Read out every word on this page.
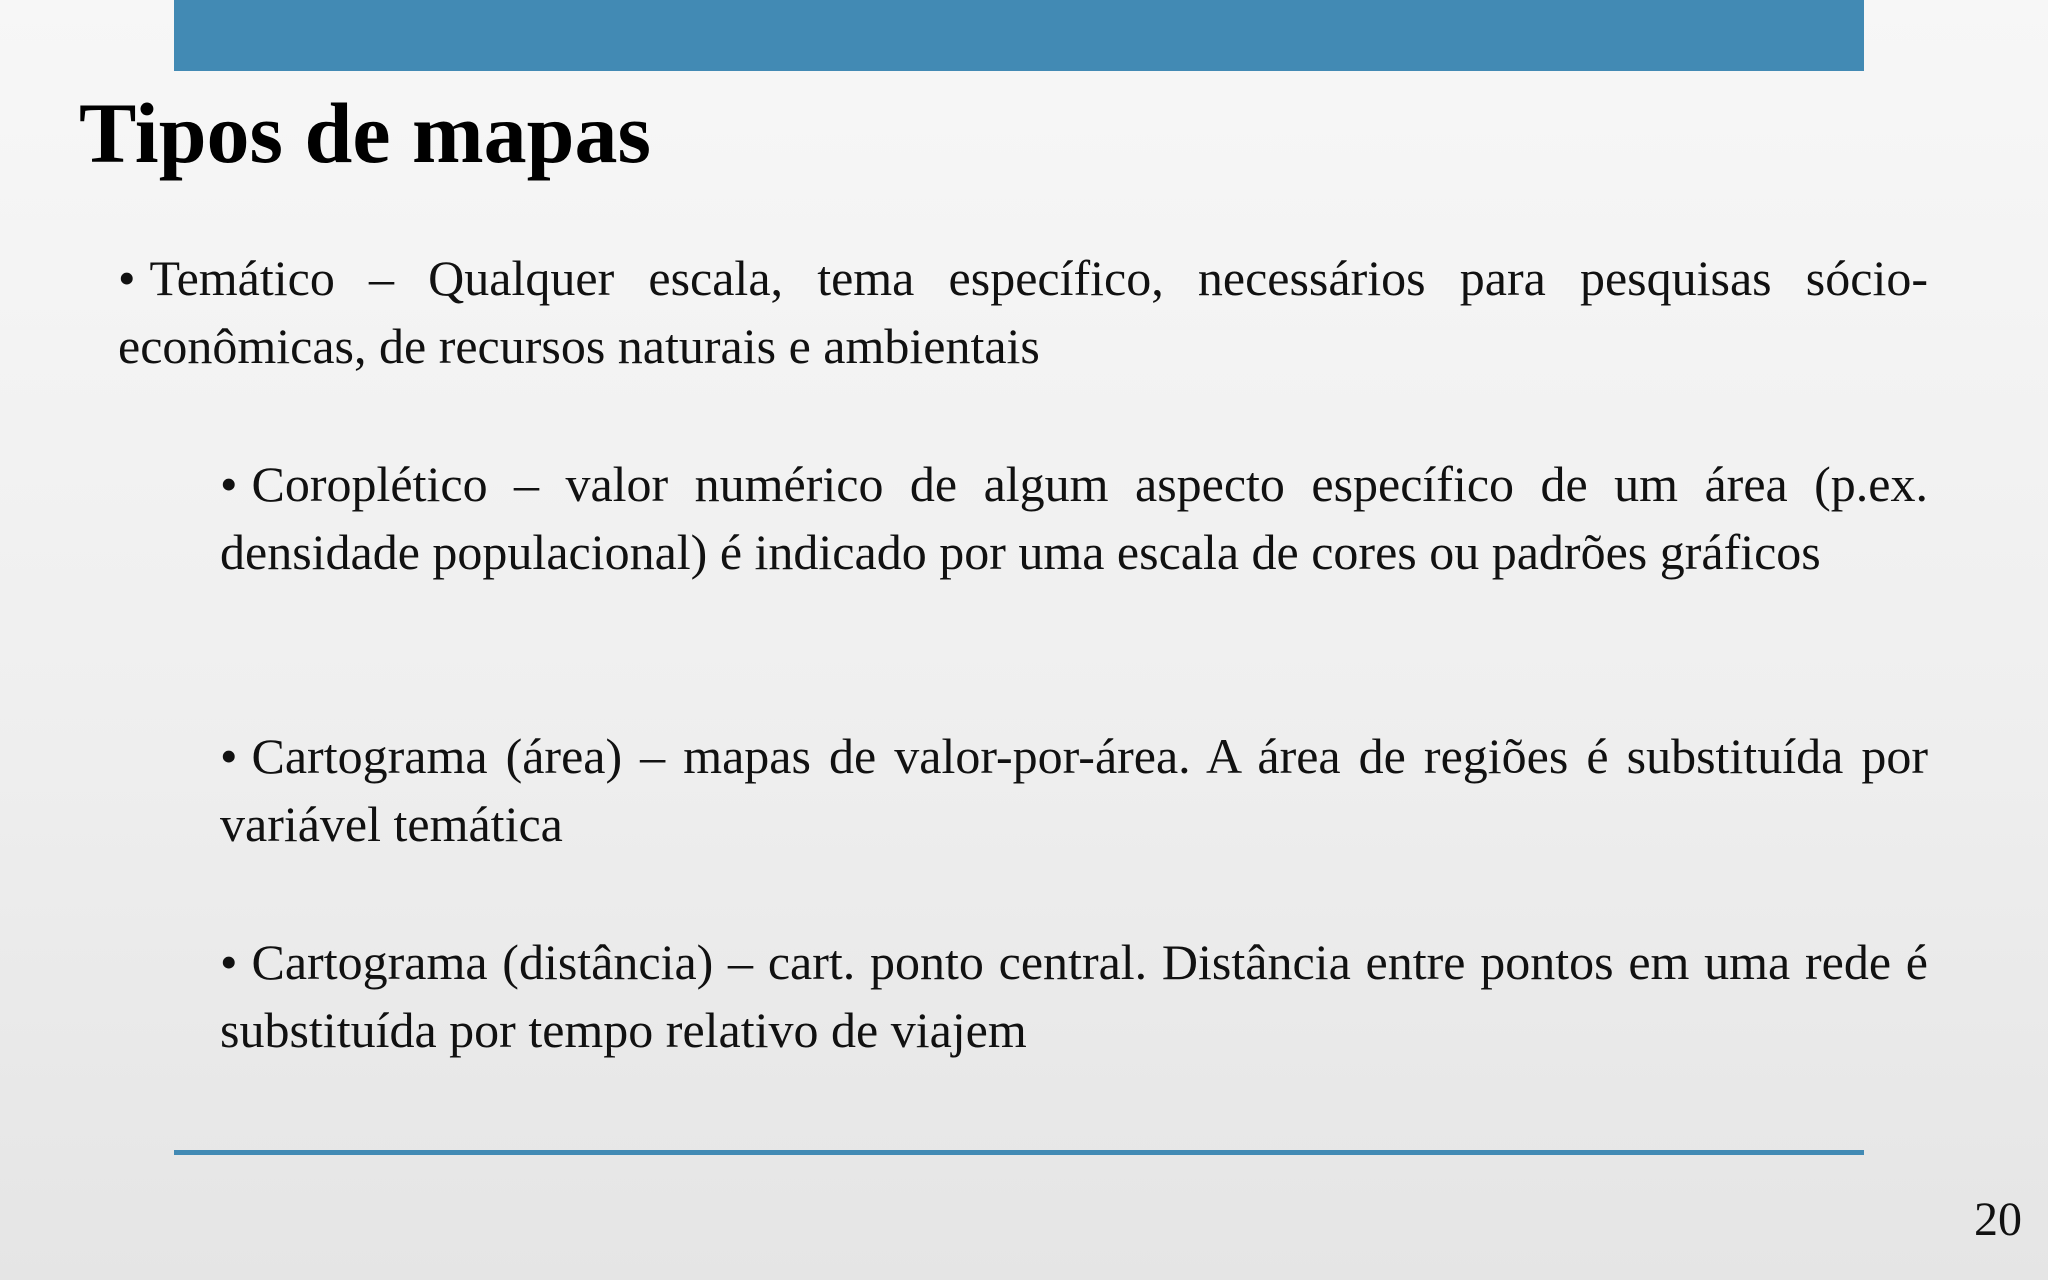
Tipos de mapas

• Temático – Qualquer escala, tema específico, necessários para pesquisas sócio-econômicas, de recursos naturais e ambientais

• Coroplético – valor numérico de algum aspecto específico de um área (p.ex. densidade populacional) é indicado por uma escala de cores ou padrões gráficos

• Cartograma (área) – mapas de valor-por-área. A área de regiões é substituída por variável temática

• Cartograma (distância) – cart. ponto central. Distância entre pontos em uma rede é substituída por tempo relativo de viajem

20
